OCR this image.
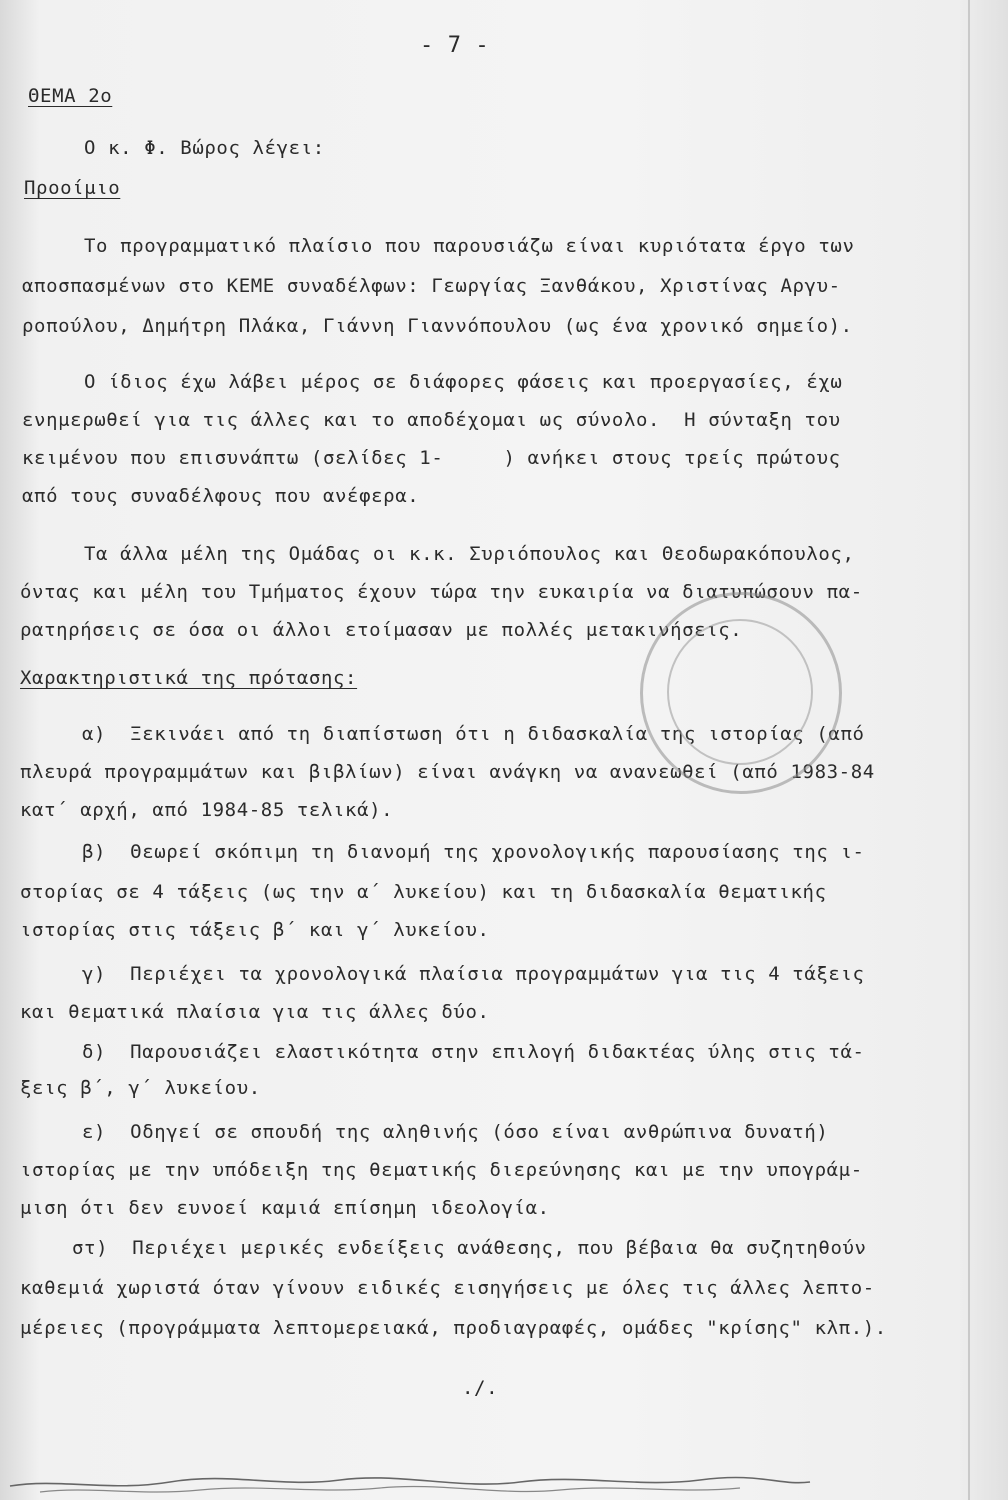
- 7 -
ΘΕΜΑ 2ο
Ο κ. Φ. Βώρος λέγει:
Προοίμιο
Το προγραμματικό πλαίσιο που παρουσιάζω είναι κυριότατα έργο των
αποσπασμένων στο ΚΕΜΕ συναδέλφων: Γεωργίας Ξανθάκου, Χριστίνας Αργυ-
ροπούλου, Δημήτρη Πλάκα, Γιάννη Γιαννόπουλου (ως ένα χρονικό σημείο).
Ο ίδιος έχω λάβει μέρος σε διάφορες φάσεις και προεργασίες, έχω
ενημερωθεί για τις άλλες και το αποδέχομαι ως σύνολο.  Η σύνταξη του
κειμένου που επισυνάπτω (σελίδες 1-     ) ανήκει στους τρείς πρώτους
από τους συναδέλφους που ανέφερα.
Τα άλλα μέλη της Ομάδας οι κ.κ. Συριόπουλος και Θεοδωρακόπουλος,
όντας και μέλη του Τμήματος έχουν τώρα την ευκαιρία να διατυπώσουν πα-
ρατηρήσεις σε όσα οι άλλοι ετοίμασαν με πολλές μετακινήσεις.
Χαρακτηριστικά της πρότασης:
α)  Ξεκινάει από τη διαπίστωση ότι η διδασκαλία της ιστορίας (από
πλευρά προγραμμάτων και βιβλίων) είναι ανάγκη να ανανεωθεί (από 1983-84
κατ΄ αρχή, από 1984-85 τελικά).
β)  Θεωρεί σκόπιμη τη διανομή της χρονολογικής παρουσίασης της ι-
στορίας σε 4 τάξεις (ως την α΄ λυκείου) και τη διδασκαλία θεματικής
ιστορίας στις τάξεις β΄ και γ΄ λυκείου.
γ)  Περιέχει τα χρονολογικά πλαίσια προγραμμάτων για τις 4 τάξεις
και θεματικά πλαίσια για τις άλλες δύο.
δ)  Παρουσιάζει ελαστικότητα στην επιλογή διδακτέας ύλης στις τά-
ξεις β΄, γ΄ λυκείου.
ε)  Οδηγεί σε σπουδή της αληθινής (όσο είναι ανθρώπινα δυνατή)
ιστορίας με την υπόδειξη της θεματικής διερεύνησης και με την υπογράμ-
μιση ότι δεν ευνοεί καμιά επίσημη ιδεολογία.
στ)  Περιέχει μερικές ενδείξεις ανάθεσης, που βέβαια θα συζητηθούν
καθεμιά χωριστά όταν γίνουν ειδικές εισηγήσεις με όλες τις άλλες λεπτο-
μέρειες (προγράμματα λεπτομερειακά, προδιαγραφές, ομάδες "κρίσης" κλπ.).
./.
